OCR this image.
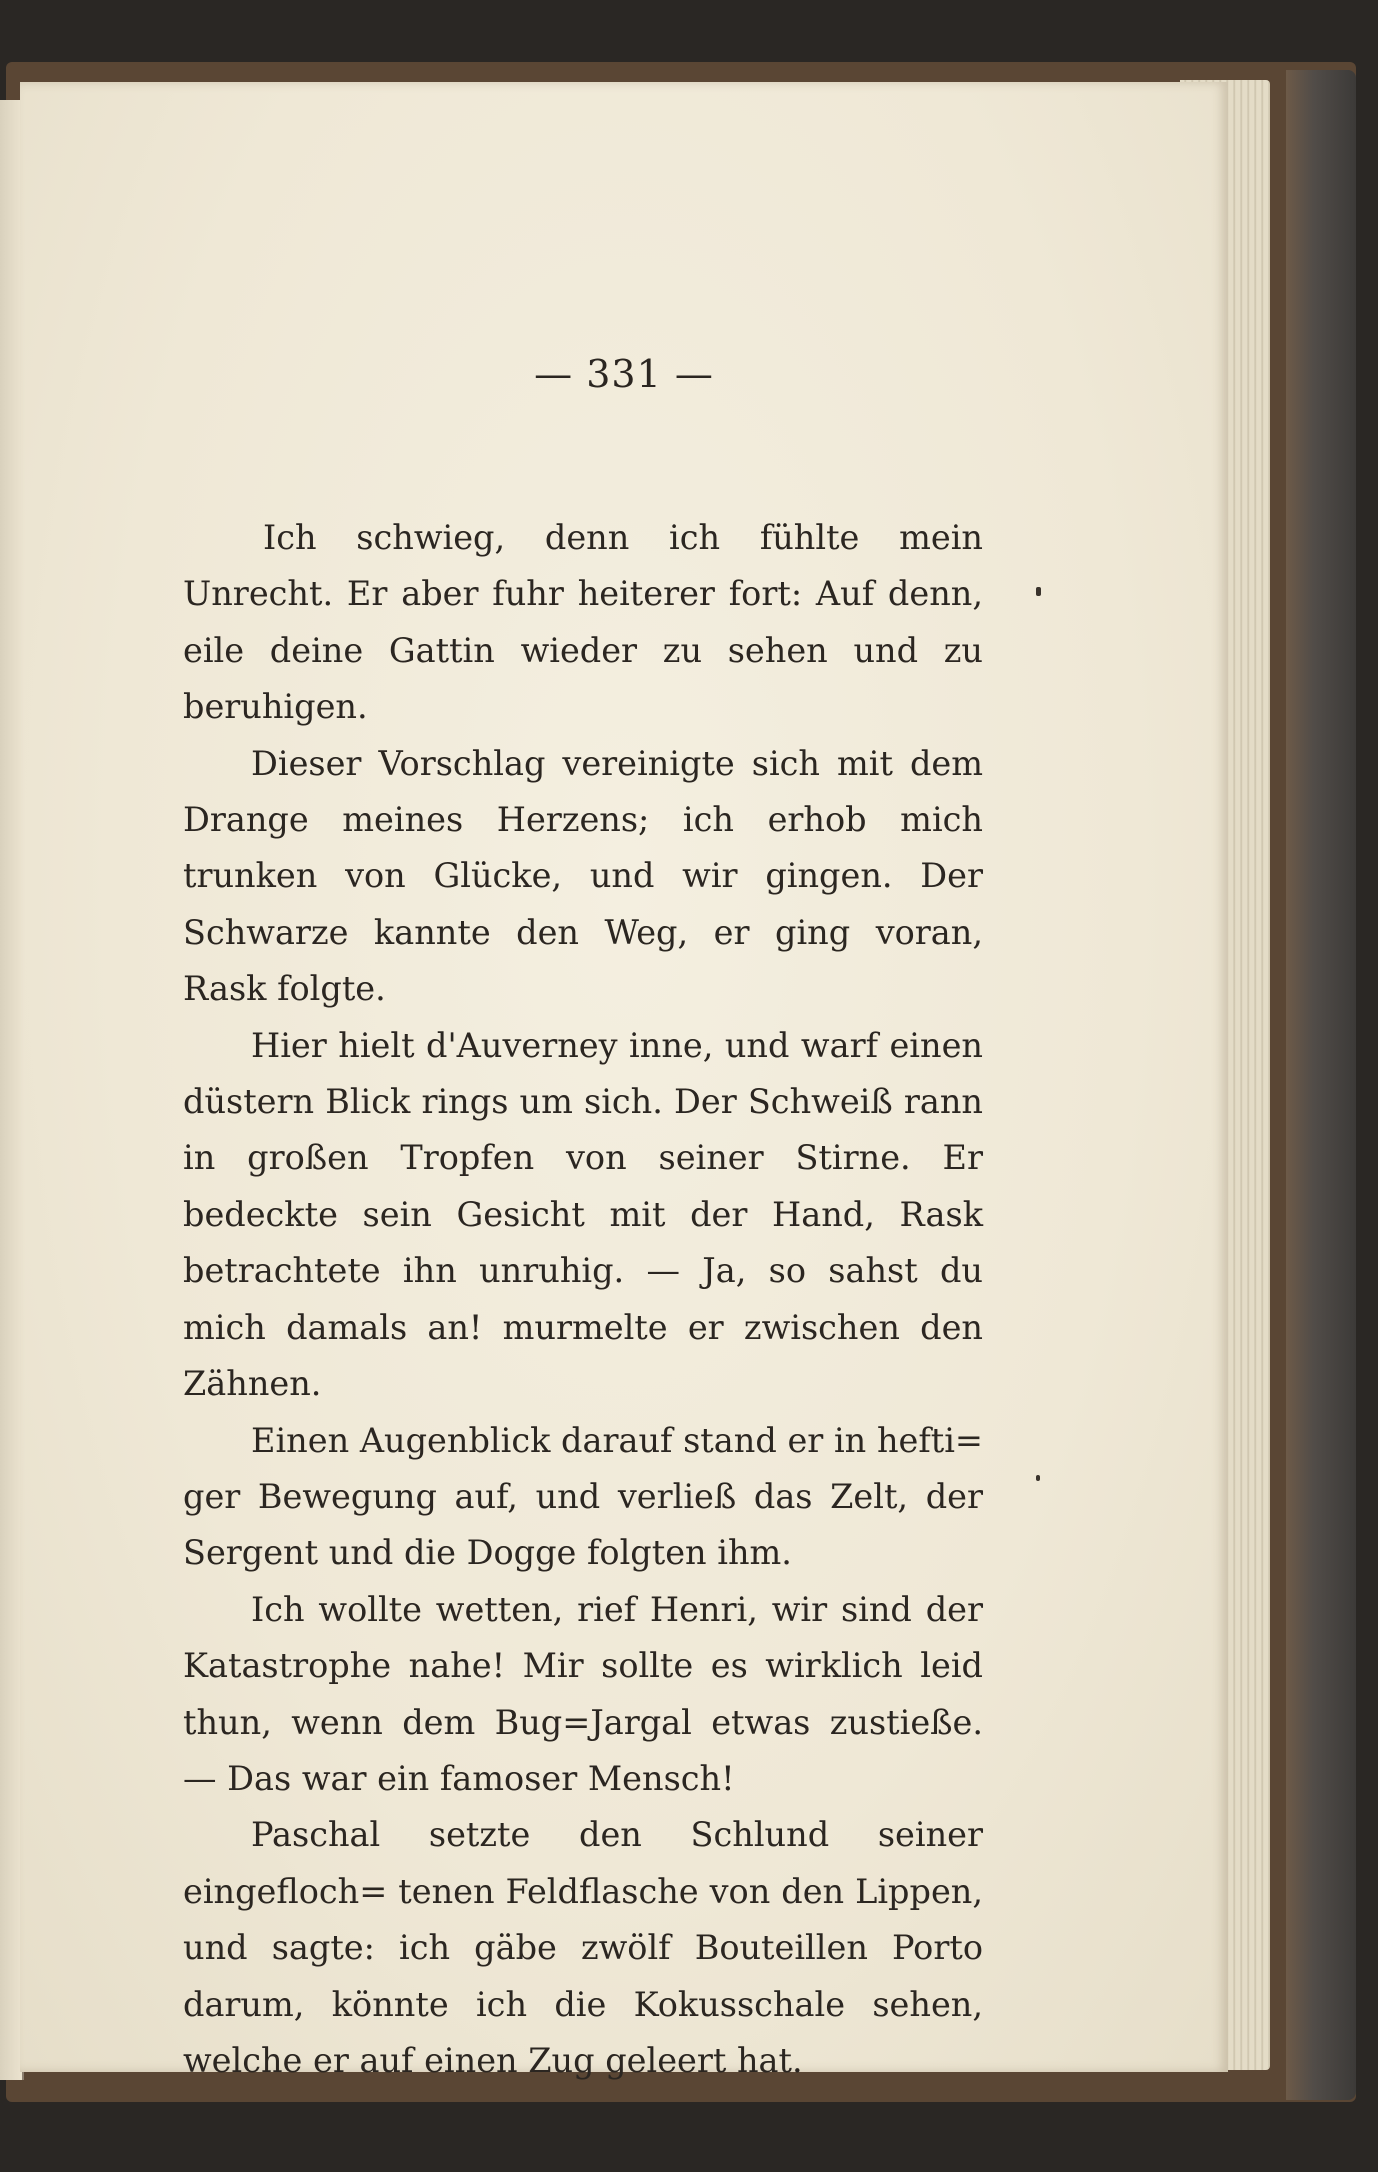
— 331 —

Ich schwieg, denn ich fühlte mein Unrecht. Er aber fuhr heiterer fort: Auf denn, eile deine Gattin wieder zu sehen und zu beruhigen.

Dieser Vorschlag vereinigte sich mit dem Drange meines Herzens; ich erhob mich trunken von Glücke, und wir gingen. Der Schwarze kannte den Weg, er ging voran, Rask folgte.

Hier hielt d'Auverney inne, und warf einen düstern Blick rings um sich. Der Schweiß rann in großen Tropfen von seiner Stirne. Er bedeckte sein Gesicht mit der Hand, Rask betrachtete ihn unruhig. — Ja, so sahst du mich damals an! murmelte er zwischen den Zähnen.

Einen Augenblick darauf stand er in hefti= ger Bewegung auf, und verließ das Zelt, der Sergent und die Dogge folgten ihm.

Ich wollte wetten, rief Henri, wir sind der Katastrophe nahe! Mir sollte es wirklich leid thun, wenn dem Bug=Jargal etwas zustieße. — Das war ein famoser Mensch!

Paschal setzte den Schlund seiner eingefloch= tenen Feldflasche von den Lippen, und sagte: ich gäbe zwölf Bouteillen Porto darum, könnte ich die Kokusschale sehen, welche er auf einen Zug geleert hat.
